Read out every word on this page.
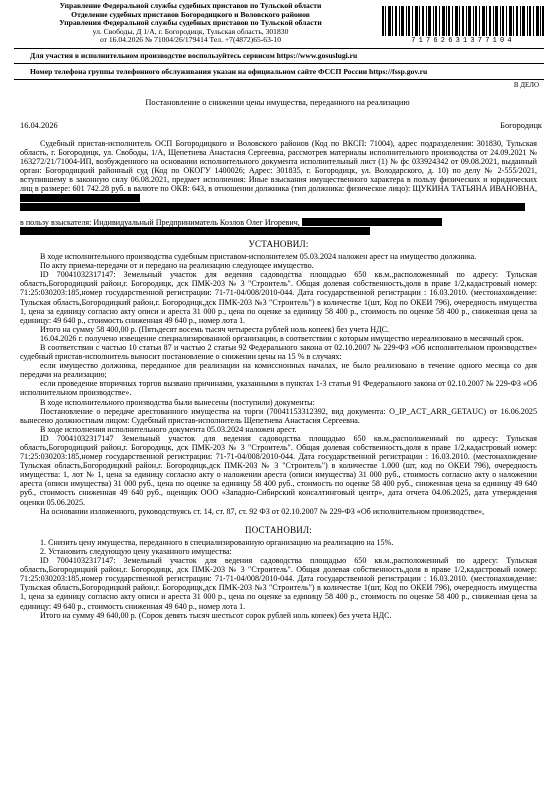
Управление Федеральной службы судебных приставов по Тульской области
Отделение судебных приставов Богородицкого и Воловского районов
Управления Федеральной службы судебных приставов по Тульской области
ул. Свободы, Д 1/А, г. Богородицк, Тульская область, 301830
от 16.04.2026 № 71004/26/179414 Тел. +7(4872)65-63-10	71762631377104
Для участия в исполнительном производстве воспользуйтесь сервисом https://www.gosuslugi.ru
Номер телефона группы телефонного обслуживания указан на официальном сайте ФССП России https://fssp.gov.ru
В ДЕЛО
Постановление о снижении цены имущества, переданного на реализацию
16.04.2026	Богородицк

Судебный пристав-исполнитель ОСП Богородицкого и Воловского районов (Код по ВКСП: 71004), адрес подразделения: 301830, Тульская область, г. Богородицк, ул. Свободы, 1/А, Щепетнева Анастасия Сергеевна, рассмотрев материалы исполнительного производства от 24.09.2021 № 163272/21/71004-ИП, возбужденного на основании исполнительного документа исполнительный лист (1) № фс 033924342 от 09.08.2021, выданный орган: Богородицкий районный суд (Код по ОКОГУ 1400026; Адрес: 301835, г. Богородицк, ул. Володарского, д. 10) по делу № 2-555/2021, вступившему в законную силу 06.08.2021, предмет исполнения: Иные взыскания имущественного характера в пользу физических и юридических лиц в размере: 601 742.28 руб. в валюте по ОКВ: 643, в отношении должника (тип должника: физическое лицо): ЩУКИНА ТАТЬЯНА ИВАНОВНА,

в пользу взыскателя: Индивидуальный Предприниматель Козлов Олег Игоревич,

УСТАНОВИЛ:

В ходе исполнительного производства судебным приставом-исполнителем 05.03.2024 наложен арест на имущество должника.

По акту приема-передачи от и передано на реализацию следующее имущество.

ID 70041032317147: Земельный участок для ведения садоводства площадью 650 кв.м.,расположенный по адресу: Тульская область,Богородицкий район,г. Богородицк, дск ПМК-203 № 3 "Строитель". Общая долевая собственность,доля в праве 1/2,кадастровый номер: 71:25:030203:185,номер государственной регистрации: 71-71-04/008/2010-044. Дата государственной регистрации : 16.03.2010. (местонахождение: Тульская область,Богородицкий район,г. Богородицк,дск ПМК-203 №3 "Строитель") в количестве 1(шт, Код по ОКЕИ 796), очередность имущества 1, цена за единицу согласно акту описи и ареста 31 000 р., цена по оценке за единицу 58 400 р., стоимость по оценке 58 400 р., сниженная цена за единицу: 49 640 р., стоимость сниженная 49 640 р., номер лота 1.

Итого на сумму 58 400,00 р. (Пятьдесят восемь тысяч четыреста рублей ноль копеек) без учета НДС.

16.04.2026 г. получено извещение специализированной организации, в соответствии с которым имущество нереализовано в месячный срок.

В соответствии с частью 10 статьи 87 и частью 2 статьи 92 Федерального закона от 02.10.2007 № 229-ФЗ «Об исполнительном производстве» судебный пристав-исполнитель выносит постановление о снижении цены на 15 % в случаях:

если имущество должника, переданное для реализации на комиссионных началах, не было реализовано в течение одного месяца со дня передачи на реализацию;

если проведение вторичных торгов вызвано причинами, указанными в пунктах 1-3 статьи 91 Федерального закона от 02.10.2007 № 229-ФЗ «Об исполнительном производстве».

В ходе исполнительного производства были вынесены (поступили) документы:

Постановление о передаче арестованного имущества на торги (70041153312392, вид документа: O_IP_ACT_ARR_GETAUC) от 16.06.2025 вынесено должностным лицом: Судебный пристав-исполнитель Щепетнева Анастасия Сергеевна.

В ходе исполнения исполнительного документа 05.03.2024 наложен арест.

ID 70041032317147 Земельный участок для ведения садоводства площадью 650 кв.м.,расположенный по адресу: Тульская область,Богородицкий район,г. Богородицк, дск ПМК-203 № 3 "Строитель". Общая долевая собственность,доля в праве 1/2,кадастровый номер: 71:25:030203:185,номер государственной регистрации: 71-71-04/008/2010-044. Дата государственной регистрации : 16.03.2010. (местонахождение Тульская область,Богородицкий район,г. Богородицк,дск ПМК-203 № 3 "Строитель") в количестве 1.000 (шт, код по ОКЕИ 796), очередность имущества: 1, лот № 1, цена за единицу согласно акту о наложении ареста (описи имущества) 31 000 руб., стоимость согласно акту о наложении ареста (описи имущества) 31 000 руб., цена по оценке за единицу 58 400 руб., стоимость по оценке 58 400 руб., сниженная цена за единицу 49 640 руб., стоимость сниженная 49 640 руб., оценщик ООО «Западно-Сибирский консалтинговый центр», дата отчета 04.06.2025, дата утверждения оценки 05.06.2025.

На основании изложенного, руководствуясь ст. 14, ст. 87, ст. 92 ФЗ от 02.10.2007 № 229-ФЗ «Об исполнительном производстве»,

ПОСТАНОВИЛ:

1. Снизить цену имущества, переданного в специализированную организацию на реализацию на 15%.

2. Установить следующую цену указанного имущества:

ID 70041032317147: Земельный участок для ведения садоводства площадью 650 кв.м.,расположенный по адресу: Тульская область,Богородицкий район,г. Богородицк, дск ПМК-203 № 3 "Строитель". Общая долевая собственность,доля в праве 1/2,кадастровый номер: 71:25:030203:185,номер государственной регистрации: 71-71-04/008/2010-044. Дата государственной регистрации : 16.03.2010. (местонахождение: Тульская область,Богородицкий район,г. Богородицк,дск ПМК-203 №3 "Строитель") в количестве 1(шт, Код по ОКЕИ 796), очередность имущества 1, цена за единицу согласно акту описи и ареста 31 000 р., цена по оценке за единицу 58 400 р., стоимость по оценке 58 400 р., сниженная цена за единицу: 49 640 р., стоимость сниженная 49 640 р., номер лота 1.

Итого на сумму 49 640,00 р. (Сорок девять тысяч шестьсот сорок рублей ноль копеек) без учета НДС.
